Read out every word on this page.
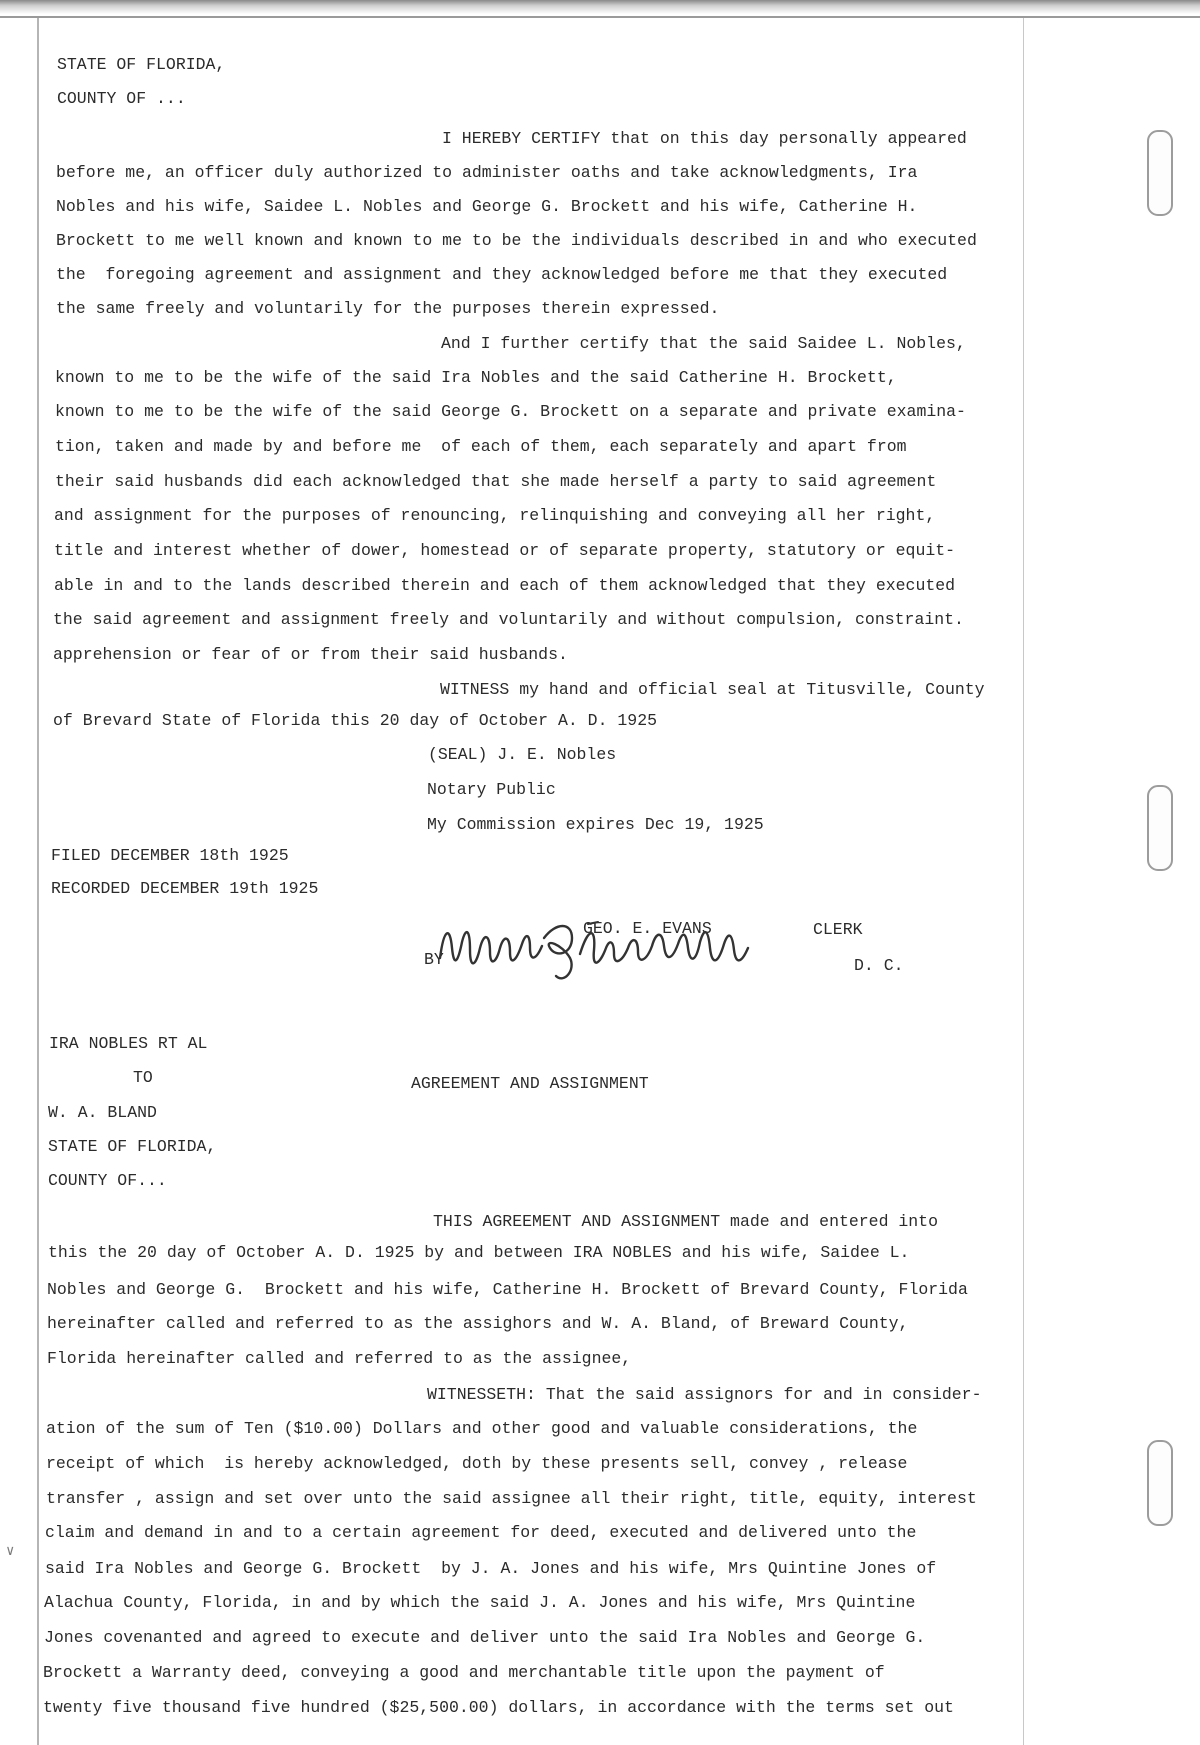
∨
STATE OF FLORIDA,
COUNTY OF ...
I HEREBY CERTIFY that on this day personally appeared
before me, an officer duly authorized to administer oaths and take acknowledgments, Ira
Nobles and his wife, Saidee L. Nobles and George G. Brockett and his wife, Catherine H.
Brockett to me well known and known to me to be the individuals described in and who executed
the  foregoing agreement and assignment and they acknowledged before me that they executed
the same freely and voluntarily for the purposes therein expressed.
And I further certify that the said Saidee L. Nobles,
known to me to be the wife of the said Ira Nobles and the said Catherine H. Brockett,
known to me to be the wife of the said George G. Brockett on a separate and private examina-
tion, taken and made by and before me  of each of them, each separately and apart from
their said husbands did each acknowledged that she made herself a party to said agreement
and assignment for the purposes of renouncing, relinquishing and conveying all her right,
title and interest whether of dower, homestead or of separate property, statutory or equit-
able in and to the lands described therein and each of them acknowledged that they executed
the said agreement and assignment freely and voluntarily and without compulsion, constraint.
apprehension or fear of or from their said husbands.
WITNESS my hand and official seal at Titusville, County
of Brevard State of Florida this 20 day of October A. D. 1925
(SEAL) J. E. Nobles
Notary Public
My Commission expires Dec 19, 1925
FILED DECEMBER 18th 1925
RECORDED DECEMBER 19th 1925
GEO. E. EVANS	CLERK
BY	D. C.
IRA NOBLES RT AL
TO	AGREEMENT AND ASSIGNMENT
W. A. BLAND
STATE OF FLORIDA,
COUNTY OF...
THIS AGREEMENT AND ASSIGNMENT made and entered into
this the 20 day of October A. D. 1925 by and between IRA NOBLES and his wife, Saidee L.
Nobles and George G.  Brockett and his wife, Catherine H. Brockett of Brevard County, Florida
hereinafter called and referred to as the assighors and W. A. Bland, of Breward County,
Florida hereinafter called and referred to as the assignee,
WITNESSETH: That the said assignors for and in consider-
ation of the sum of Ten ($10.00) Dollars and other good and valuable considerations, the
receipt of which  is hereby acknowledged, doth by these presents sell, convey , release
transfer , assign and set over unto the said assignee all their right, title, equity, interest
claim and demand in and to a certain agreement for deed, executed and delivered unto the
said Ira Nobles and George G. Brockett  by J. A. Jones and his wife, Mrs Quintine Jones of
Alachua County, Florida, in and by which the said J. A. Jones and his wife, Mrs Quintine
Jones covenanted and agreed to execute and deliver unto the said Ira Nobles and George G.
Brockett a Warranty deed, conveying a good and merchantable title upon the payment of
twenty five thousand five hundred ($25,500.00) dollars, in accordance with the terms set out
